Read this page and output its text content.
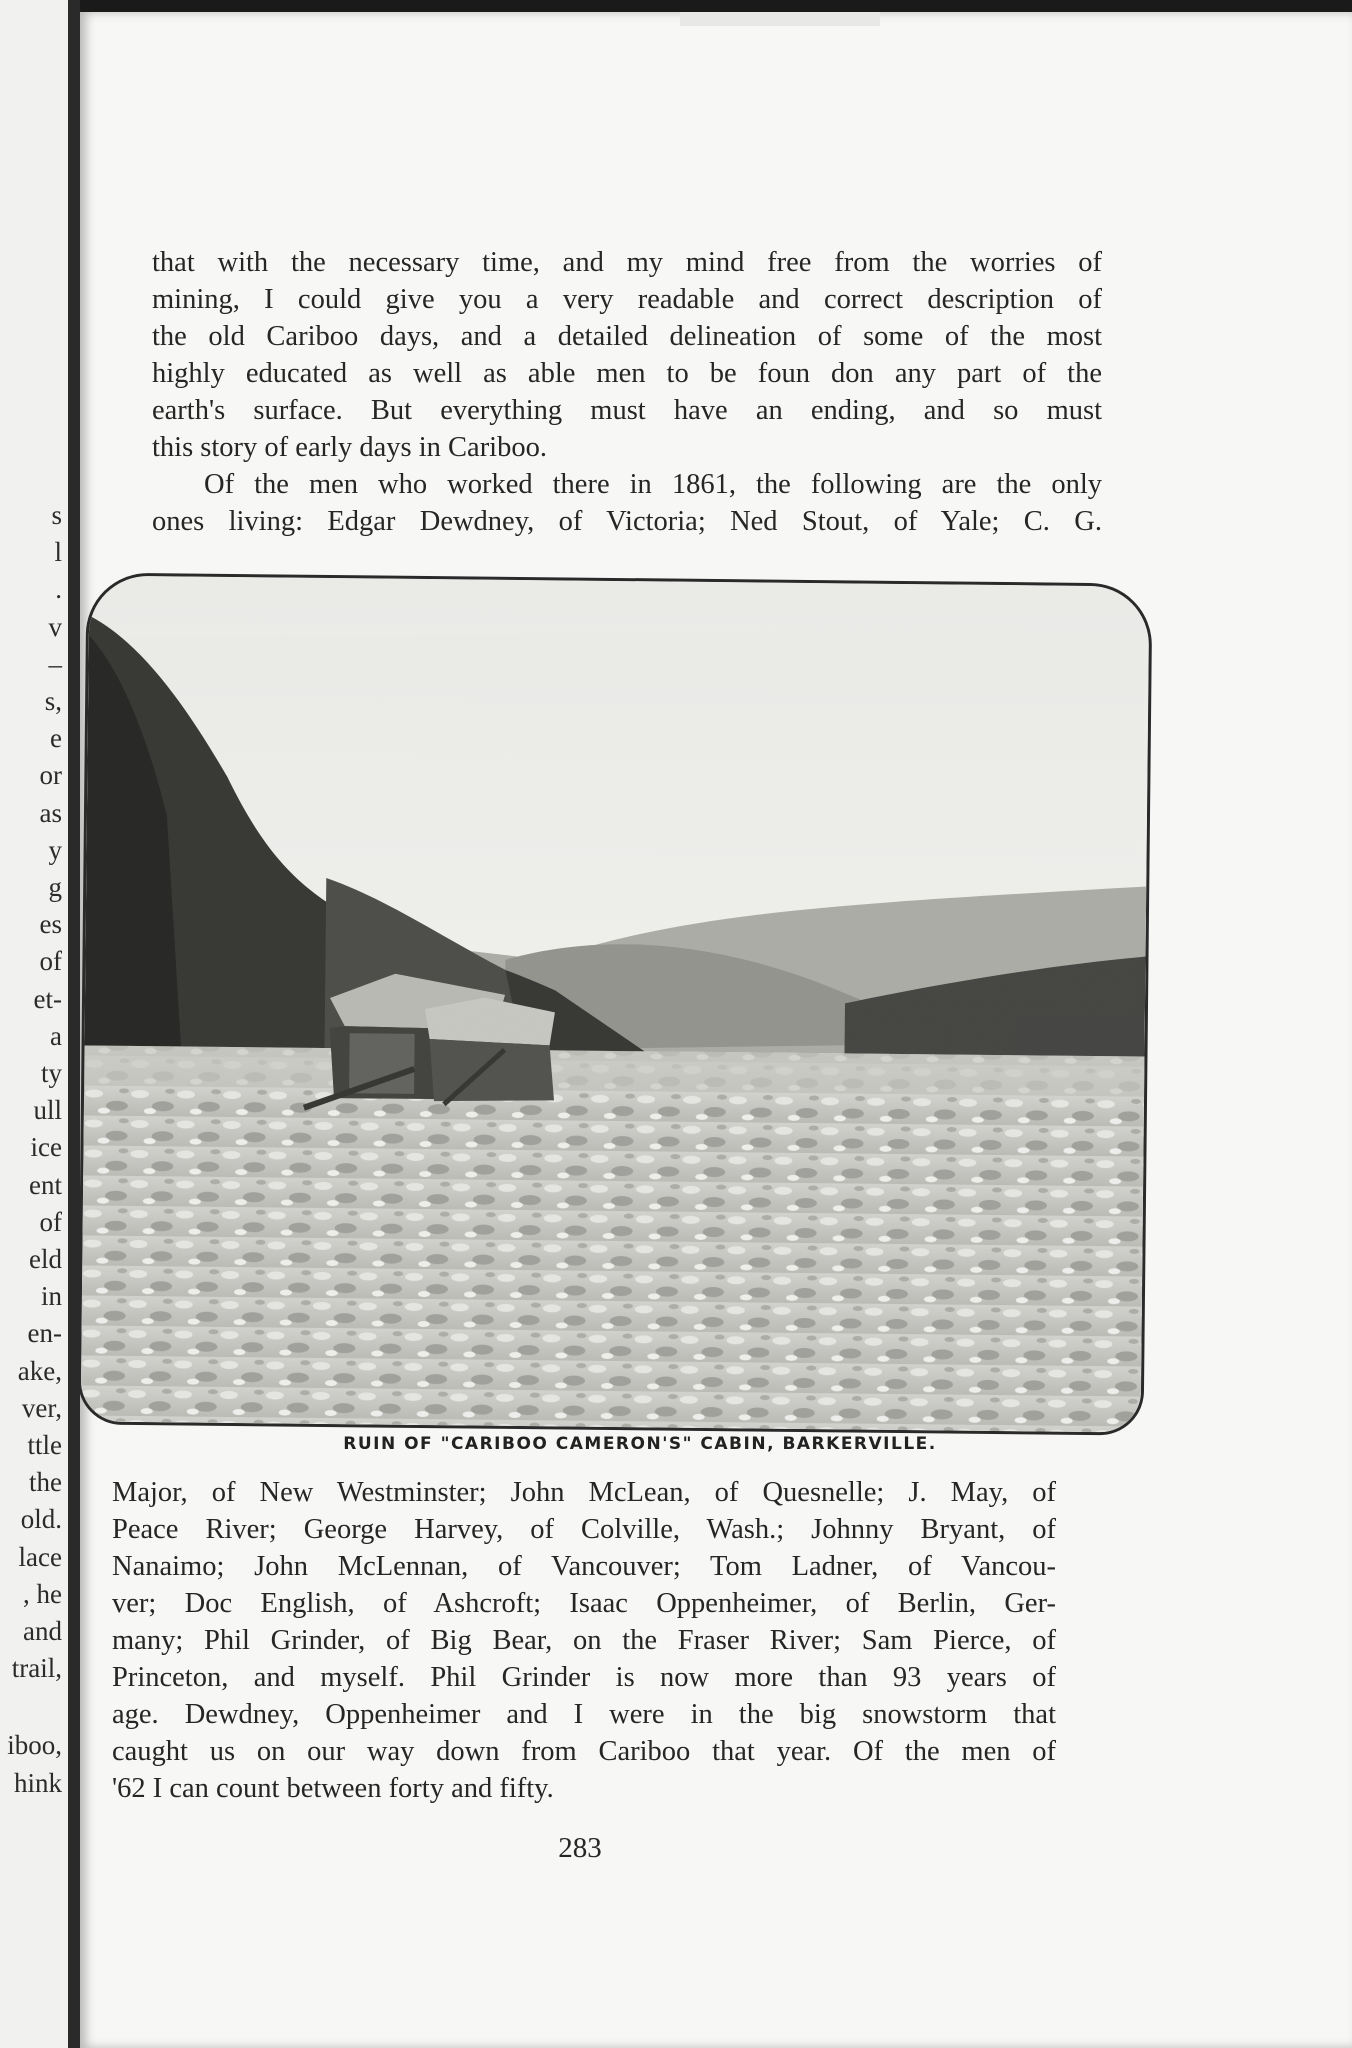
s
l
.
v
–
s,
e
or
as
y
g
es
of
et-
a
ty
ull
ice
ent
of
eld
in
en-
ake,
ver,
ttle
the
old.
lace
, he
and
trail,
iboo,
hink

that with the necessary time, and my mind free from the worries of
mining, I could give you a very readable and correct description of
the old Cariboo days, and a detailed delineation of some of the most
highly educated as well as able men to be foun don any part of the
earth's surface. But everything must have an ending, and so must
this story of early days in Cariboo.

Of the men who worked there in 1861, the following are the only
ones living: Edgar Dewdney, of Victoria; Ned Stout, of Yale; C. G.

RUIN OF "CARIBOO CAMERON'S" CABIN, BARKERVILLE.

Major, of New Westminster; John McLean, of Quesnelle; J. May, of
Peace River; George Harvey, of Colville, Wash.; Johnny Bryant, of
Nanaimo; John McLennan, of Vancouver; Tom Ladner, of Vancou-
ver; Doc English, of Ashcroft; Isaac Oppenheimer, of Berlin, Ger-
many; Phil Grinder, of Big Bear, on the Fraser River; Sam Pierce, of
Princeton, and myself. Phil Grinder is now more than 93 years of
age. Dewdney, Oppenheimer and I were in the big snowstorm that
caught us on our way down from Cariboo that year. Of the men of
'62 I can count between forty and fifty.

283
